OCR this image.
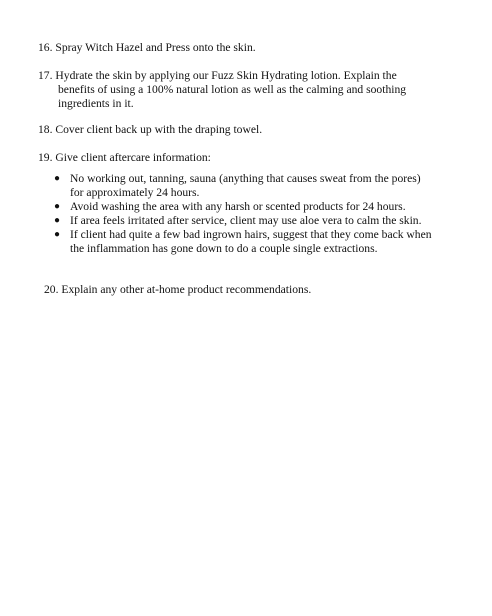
16. Spray Witch Hazel and Press onto the skin.

17. Hydrate the skin by applying our Fuzz Skin Hydrating lotion. Explain the
benefits of using a 100% natural lotion as well as the calming and soothing ingredients in it.

18. Cover client back up with the draping towel.

19. Give client aftercare information:

● No working out, tanning, sauna (anything that causes sweat from the pores) for approximately 24 hours.
● Avoid washing the area with any harsh or scented products for 24 hours.
● If area feels irritated after service, client may use aloe vera to calm the skin.
● If client had quite a few bad ingrown hairs, suggest that they come back when the inflammation has gone down to do a couple single extractions.

20. Explain any other at-home product recommendations.
